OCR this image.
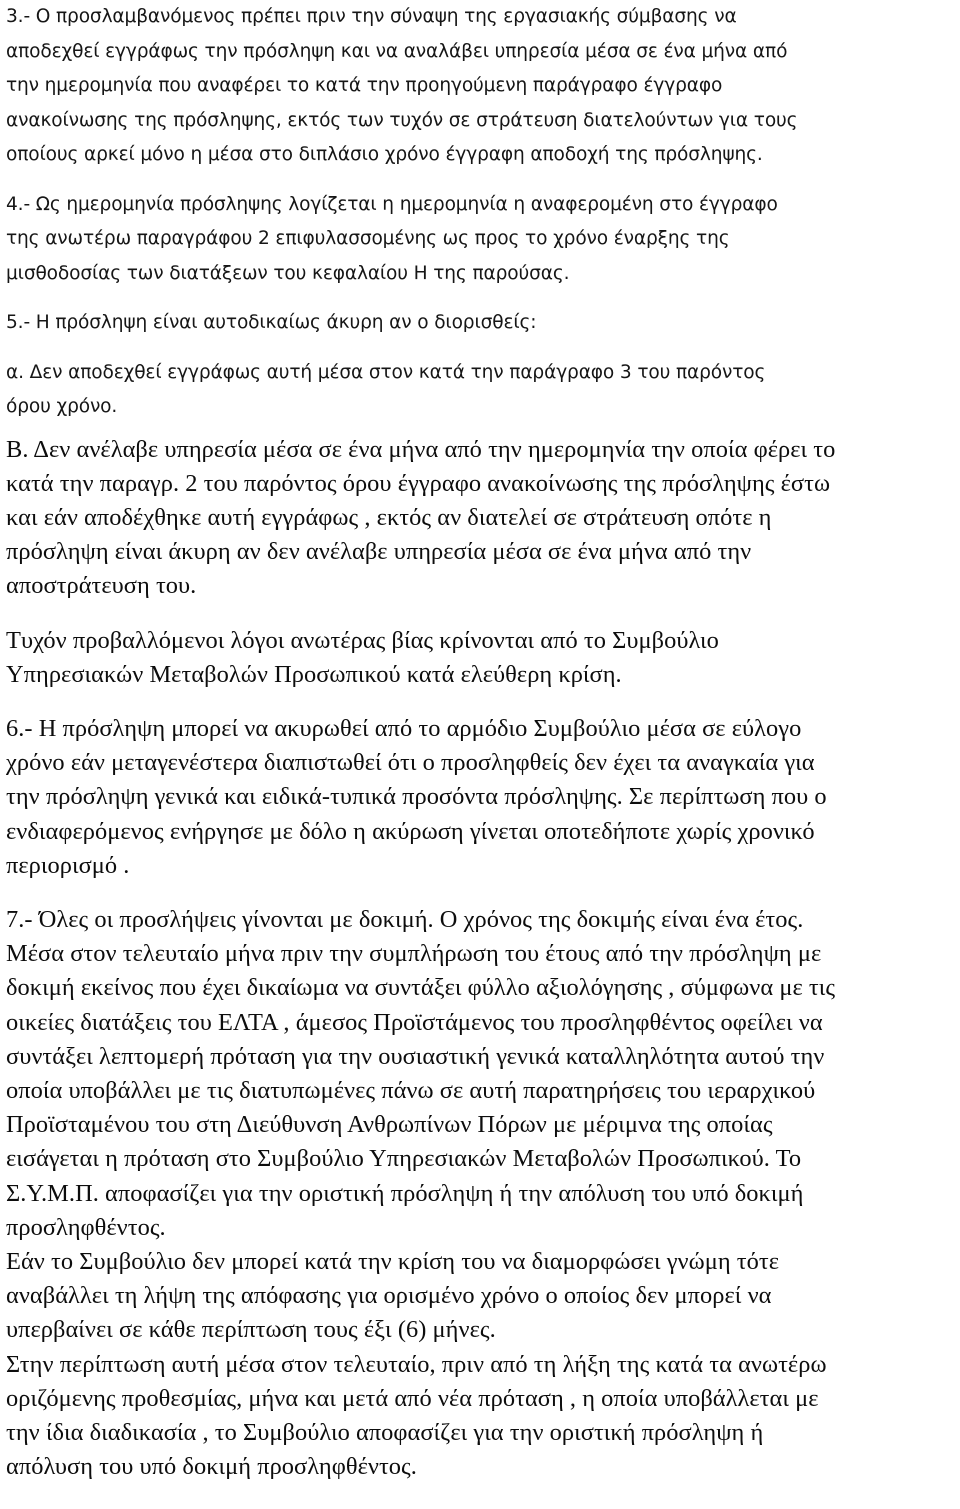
3.- Ο προσλαμβανόμενος πρέπει πριν την σύναψη της εργασιακής σύμβασης να
αποδεχθεί εγγράφως την πρόσληψη και να αναλάβει υπηρεσία μέσα σε ένα μήνα από
την ημερομηνία που αναφέρει το κατά την προηγούμενη παράγραφο έγγραφο
ανακοίνωσης της πρόσληψης, εκτός των τυχόν σε στράτευση διατελούντων για τους
οποίους αρκεί μόνο η μέσα στο διπλάσιο χρόνο έγγραφη αποδοχή της πρόσληψης.
4.- Ως ημερομηνία πρόσληψης λογίζεται η ημερομηνία η αναφερομένη στο έγγραφο
της ανωτέρω παραγράφου 2 επιφυλασσομένης ως προς το χρόνο έναρξης της
μισθοδοσίας των διατάξεων του κεφαλαίου Η της παρούσας.
5.- Η πρόσληψη είναι αυτοδικαίως άκυρη αν ο διορισθείς:
α. Δεν αποδεχθεί εγγράφως αυτή μέσα στον κατά την παράγραφο 3 του παρόντος
όρου χρόνο.
Β. Δεν ανέλαβε υπηρεσία μέσα σε ένα μήνα από την ημερομηνία την οποία φέρει το
κατά την παραγρ. 2 του παρόντος όρου έγγραφο ανακοίνωσης της πρόσληψης έστω
και εάν αποδέχθηκε αυτή εγγράφως , εκτός αν διατελεί σε στράτευση οπότε η
πρόσληψη είναι άκυρη αν δεν ανέλαβε υπηρεσία μέσα σε ένα μήνα από την
αποστράτευση του.
Τυχόν προβαλλόμενοι λόγοι ανωτέρας βίας κρίνονται από το Συμβούλιο
Υπηρεσιακών Μεταβολών Προσωπικού κατά ελεύθερη κρίση.
6.- Η πρόσληψη μπορεί να ακυρωθεί από το αρμόδιο Συμβούλιο μέσα σε εύλογο
χρόνο εάν μεταγενέστερα διαπιστωθεί ότι ο προσληφθείς δεν έχει τα αναγκαία για
την πρόσληψη γενικά και ειδικά-τυπικά προσόντα πρόσληψης. Σε περίπτωση που ο
ενδιαφερόμενος ενήργησε με δόλο η ακύρωση γίνεται οποτεδήποτε χωρίς χρονικό
περιορισμό .
7.- Όλες οι προσλήψεις γίνονται με δοκιμή. Ο χρόνος της δοκιμής είναι ένα έτος.
Μέσα στον τελευταίο μήνα πριν την συμπλήρωση του έτους από την πρόσληψη με
δοκιμή εκείνος που έχει δικαίωμα να συντάξει φύλλο αξιολόγησης , σύμφωνα με τις
οικείες διατάξεις του ΕΛΤΑ , άμεσος Προϊστάμενος του προσληφθέντος οφείλει να
συντάξει λεπτομερή πρόταση για την ουσιαστική γενικά καταλληλότητα αυτού την
οποία υποβάλλει με τις διατυπωμένες πάνω σε αυτή παρατηρήσεις του ιεραρχικού
Προϊσταμένου του στη Διεύθυνση Ανθρωπίνων Πόρων με μέριμνα της οποίας
εισάγεται η πρόταση στο Συμβούλιο Υπηρεσιακών Μεταβολών Προσωπικού. Το
Σ.Υ.Μ.Π. αποφασίζει για την οριστική πρόσληψη ή την απόλυση του υπό δοκιμή
προσληφθέντος.
Εάν το Συμβούλιο δεν μπορεί κατά την κρίση του να διαμορφώσει γνώμη τότε
αναβάλλει τη λήψη της απόφασης για ορισμένο χρόνο ο οποίος δεν μπορεί να
υπερβαίνει σε κάθε περίπτωση τους έξι (6) μήνες.
Στην περίπτωση αυτή μέσα στον τελευταίο, πριν από τη λήξη της κατά τα ανωτέρω
οριζόμενης προθεσμίας, μήνα και μετά από νέα πρόταση , η οποία υποβάλλεται με
την ίδια διαδικασία , το Συμβούλιο αποφασίζει για την οριστική πρόσληψη ή
απόλυση του υπό δοκιμή προσληφθέντος.
